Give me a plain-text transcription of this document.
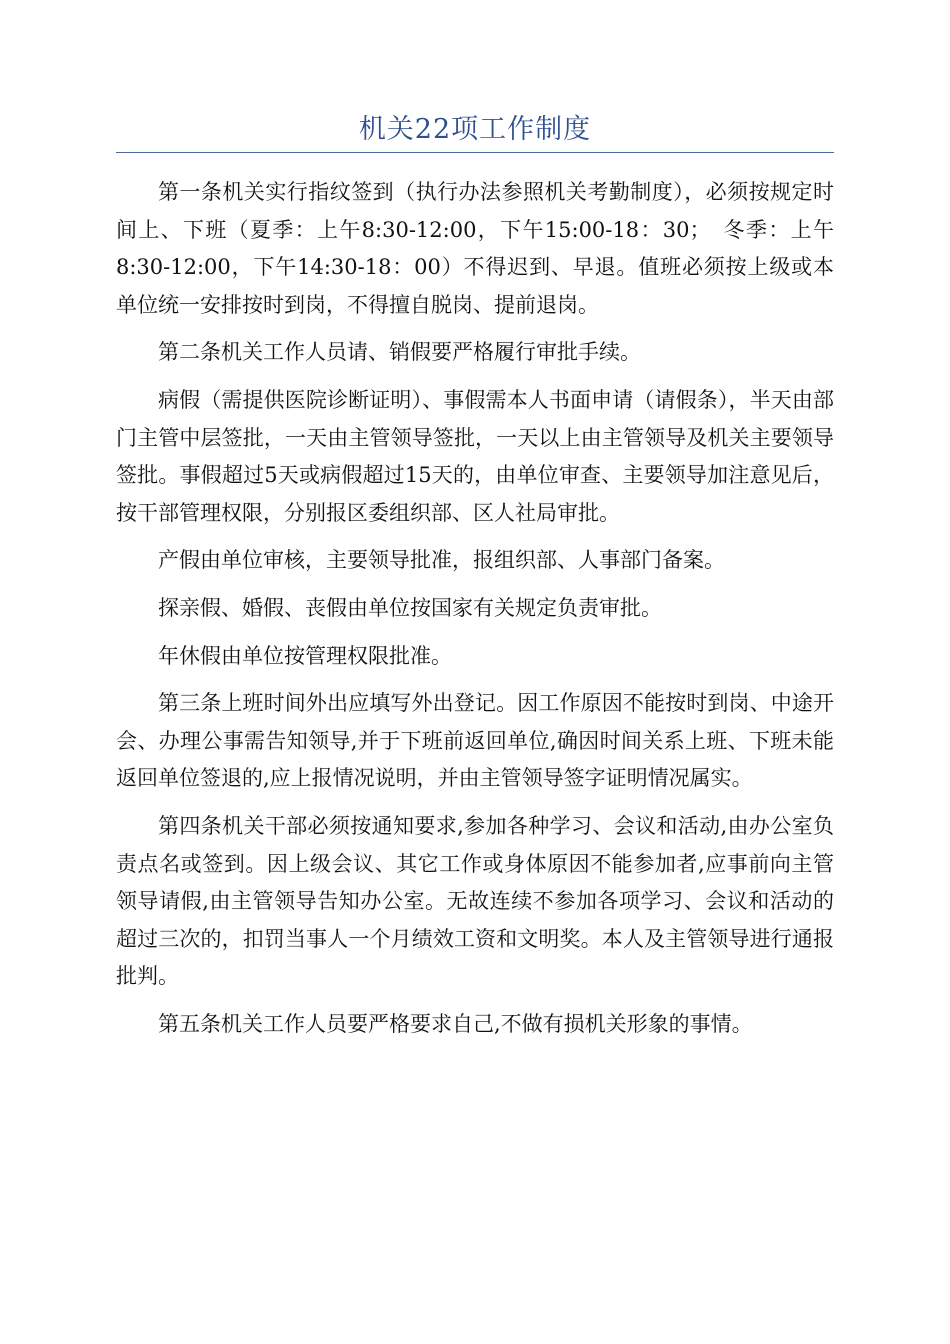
机关22项工作制度

第一条机关实行指纹签到（执行办法参照机关考勤制度），必须按规定时间上、下班（夏季：上午8:30-12:00，下午15:00-18：30；　冬季：上午8:30-12:00，下午14:30-18：00）不得迟到、早退。值班必须按上级或本单位统一安排按时到岗，不得擅自脱岗、提前退岗。

第二条机关工作人员请、销假要严格履行审批手续。

病假（需提供医院诊断证明）、事假需本人书面申请（请假条），半天由部门主管中层签批，一天由主管领导签批，一天以上由主管领导及机关主要领导签批。事假超过5天或病假超过15天的，由单位审查、主要领导加注意见后，按干部管理权限，分别报区委组织部、区人社局审批。

产假由单位审核，主要领导批准，报组织部、人事部门备案。

探亲假、婚假、丧假由单位按国家有关规定负责审批。

年休假由单位按管理权限批准。

第三条上班时间外出应填写外出登记。因工作原因不能按时到岗、中途开会、办理公事需告知领导,并于下班前返回单位,确因时间关系上班、下班未能返回单位签退的,应上报情况说明，并由主管领导签字证明情况属实。

第四条机关干部必须按通知要求,参加各种学习、会议和活动,由办公室负责点名或签到。因上级会议、其它工作或身体原因不能参加者,应事前向主管领导请假,由主管领导告知办公室。无故连续不参加各项学习、会议和活动的超过三次的，扣罚当事人一个月绩效工资和文明奖。本人及主管领导进行通报批判。

第五条机关工作人员要严格要求自己,不做有损机关形象的事情。
